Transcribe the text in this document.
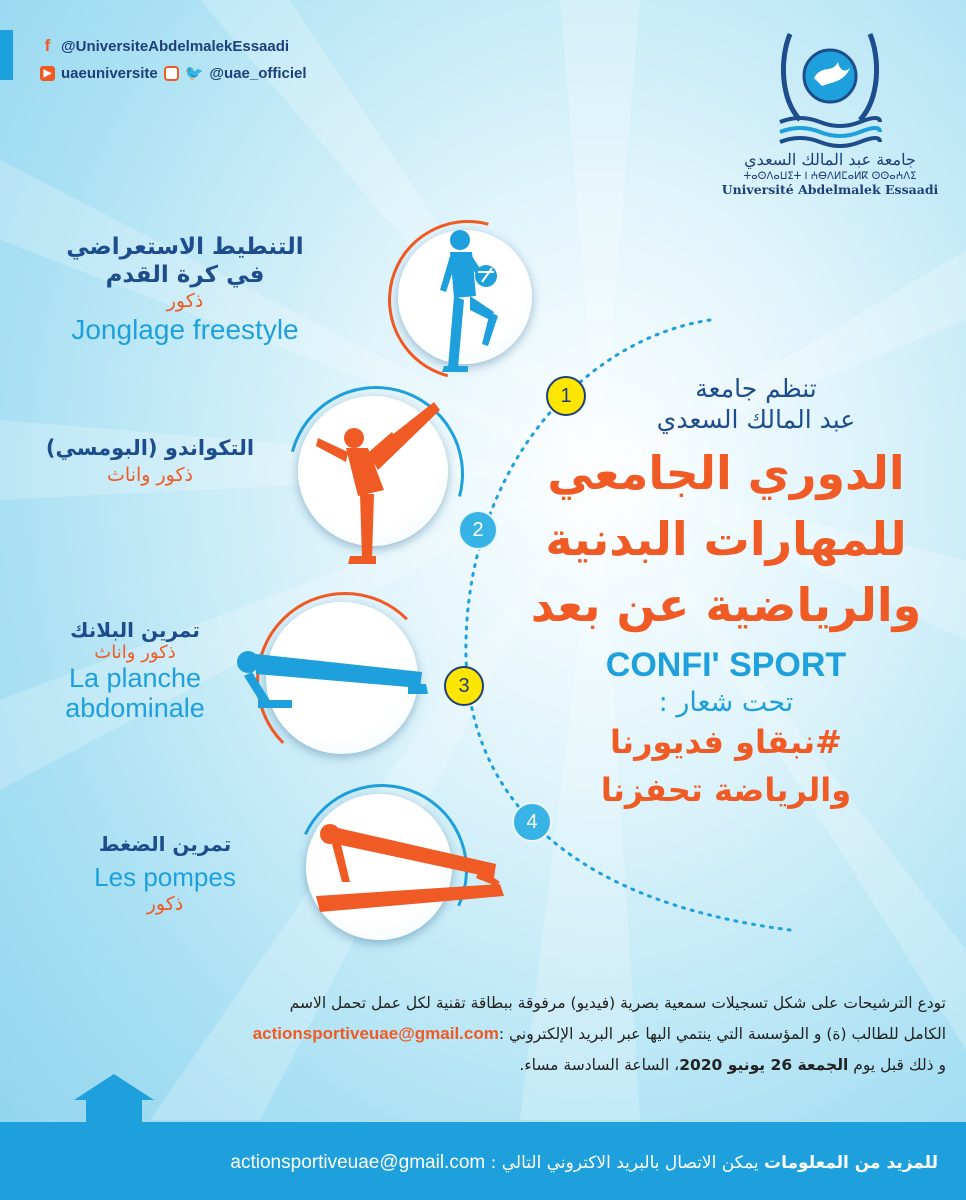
f @UniversiteAbdelmalekEssaadi
▶ uaeuniversite 🐦 @uae_officiel
جامعة عبد المالك السعدي
ⵜⴰⵙⴷⴰⵡⵉⵜ ⵏ ⵄⴱⴷⵍⵎⴰⵍⴽ ⵙⵙⴰⵄⴷⵉ
Université Abdelmalek Essaadi
1
2
3
4
التنطيط الاستعراضي
في كرة القدم
ذكور
Jonglage freestyle
التكواندو (البومسي)
ذكور واناث
تمرين البلانك
ذكور واناث
La planche
abdominale
تمرين الضغط
Les pompes
ذكور
تنظم جامعة
عبد المالك السعدي
الدوري الجامعي
للمهارات البدنية
والرياضية عن بعد
CONFI' SPORT
تحت شعار :
#نبقاو فديورنا
والرياضة تحفزنا
تودع الترشيحات على شكل تسجيلات سمعية بصرية (فيديو) مرفوقة ببطاقة تقنية لكل عمل تحمل الاسم
الكامل للطالب (ة) و المؤسسة التي ينتمي اليها عبر البريد الإلكتروني :actionsportiveuae@gmail.com
و ذلك قبل يوم الجمعة 26 يونيو 2020، الساعة السادسة مساء.
للمزيد من المعلومات يمكن الاتصال بالبريد الاكتروني التالي : actionsportiveuae@gmail.com
